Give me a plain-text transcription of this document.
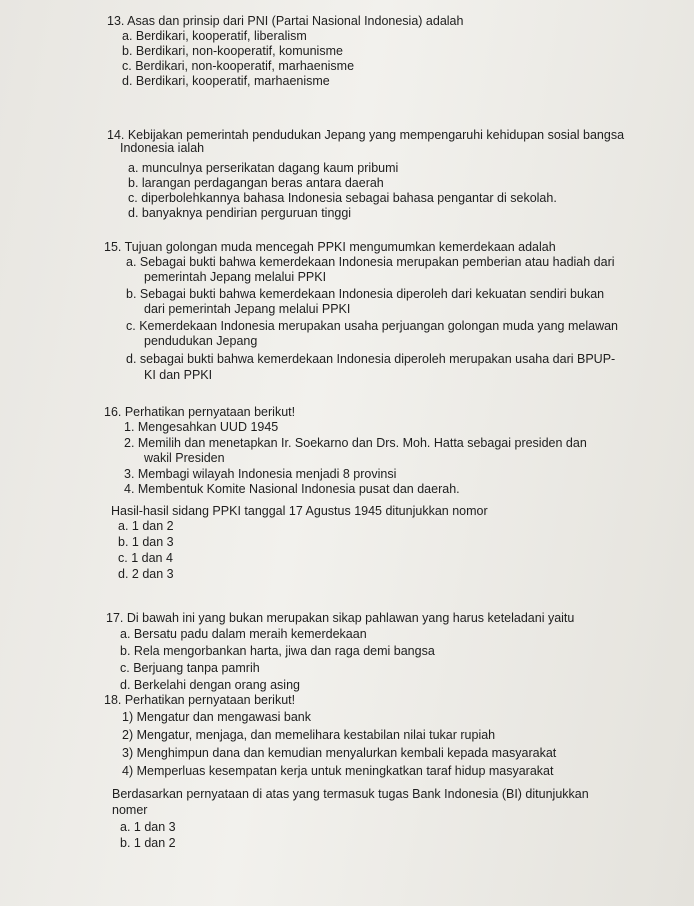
13. Asas dan prinsip dari PNI (Partai Nasional Indonesia) adalah
a. Berdikari, kooperatif, liberalism
b. Berdikari, non-kooperatif, komunisme
c. Berdikari, non-kooperatif, marhaenisme
d. Berdikari, kooperatif, marhaenisme
14. Kebijakan pemerintah pendudukan Jepang yang mempengaruhi kehidupan sosial bangsa
Indonesia ialah
a. munculnya perserikatan dagang kaum pribumi
b. larangan perdagangan beras antara daerah
c. diperbolehkannya bahasa Indonesia sebagai bahasa pengantar di sekolah.
d. banyaknya pendirian perguruan tinggi
15. Tujuan golongan muda mencegah PPKI mengumumkan kemerdekaan adalah
a. Sebagai bukti bahwa kemerdekaan Indonesia merupakan pemberian atau hadiah dari
pemerintah Jepang melalui PPKI
b. Sebagai bukti bahwa kemerdekaan Indonesia diperoleh dari kekuatan sendiri bukan
dari pemerintah Jepang melalui PPKI
c. Kemerdekaan Indonesia merupakan usaha perjuangan golongan muda yang melawan
pendudukan Jepang
d. sebagai bukti bahwa kemerdekaan Indonesia diperoleh merupakan usaha dari BPUP-
KI dan PPKI
16. Perhatikan pernyataan berikut!
1. Mengesahkan UUD 1945
2. Memilih dan menetapkan Ir. Soekarno dan Drs. Moh. Hatta sebagai presiden dan
wakil Presiden
3. Membagi wilayah Indonesia menjadi 8 provinsi
4. Membentuk Komite Nasional Indonesia pusat dan daerah.
Hasil-hasil sidang PPKI tanggal 17 Agustus 1945 ditunjukkan nomor
a. 1 dan 2
b. 1 dan 3
c. 1 dan 4
d. 2 dan 3
17. Di bawah ini yang bukan merupakan sikap pahlawan yang harus keteladani yaitu
a. Bersatu padu dalam meraih kemerdekaan
b. Rela mengorbankan harta, jiwa dan raga demi bangsa
c. Berjuang tanpa pamrih
d. Berkelahi dengan orang asing
18. Perhatikan pernyataan berikut!
1) Mengatur dan mengawasi bank
2) Mengatur, menjaga, dan memelihara kestabilan nilai tukar rupiah
3) Menghimpun dana dan kemudian menyalurkan kembali kepada masyarakat
4) Memperluas kesempatan kerja untuk meningkatkan taraf hidup masyarakat
Berdasarkan pernyataan di atas yang termasuk tugas Bank Indonesia (BI) ditunjukkan
nomer
a. 1 dan 3
b. 1 dan 2
